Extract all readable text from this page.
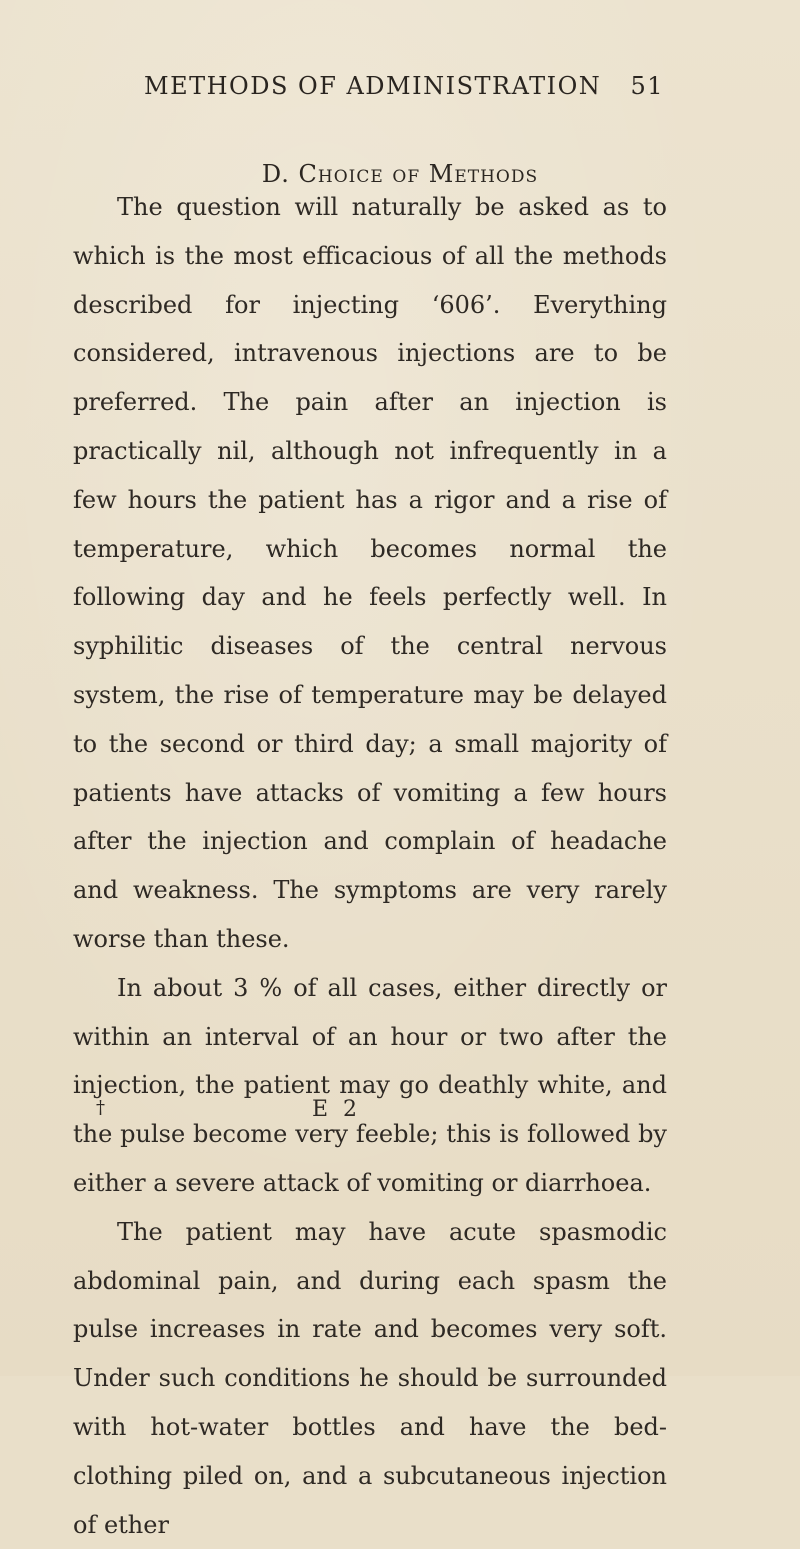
METHODS OF ADMINISTRATION 51
D. Choice of Methods

The question will naturally be asked as to which is the most efficacious of all the methods described for injecting ‘606’. Everything considered, intravenous injections are to be preferred. The pain after an injection is practically nil, although not infrequently in a few hours the patient has a rigor and a rise of temperature, which becomes normal the following day and he feels perfectly well. In syphilitic diseases of the central nervous system, the rise of temperature may be delayed to the second or third day; a small majority of patients have attacks of vomiting a few hours after the injection and complain of headache and weakness. The symptoms are very rarely worse than these.

In about 3 % of all cases, either directly or within an interval of an hour or two after the injection, the patient may go deathly white, and the pulse become very feeble; this is followed by either a severe attack of vomiting or diarrhoea.

The patient may have acute spasmodic abdominal pain, and during each spasm the pulse increases in rate and becomes very soft. Under such conditions he should be surrounded with hot-water bottles and have the bed-clothing piled on, and a subcutaneous injection of ether

†	E 2
